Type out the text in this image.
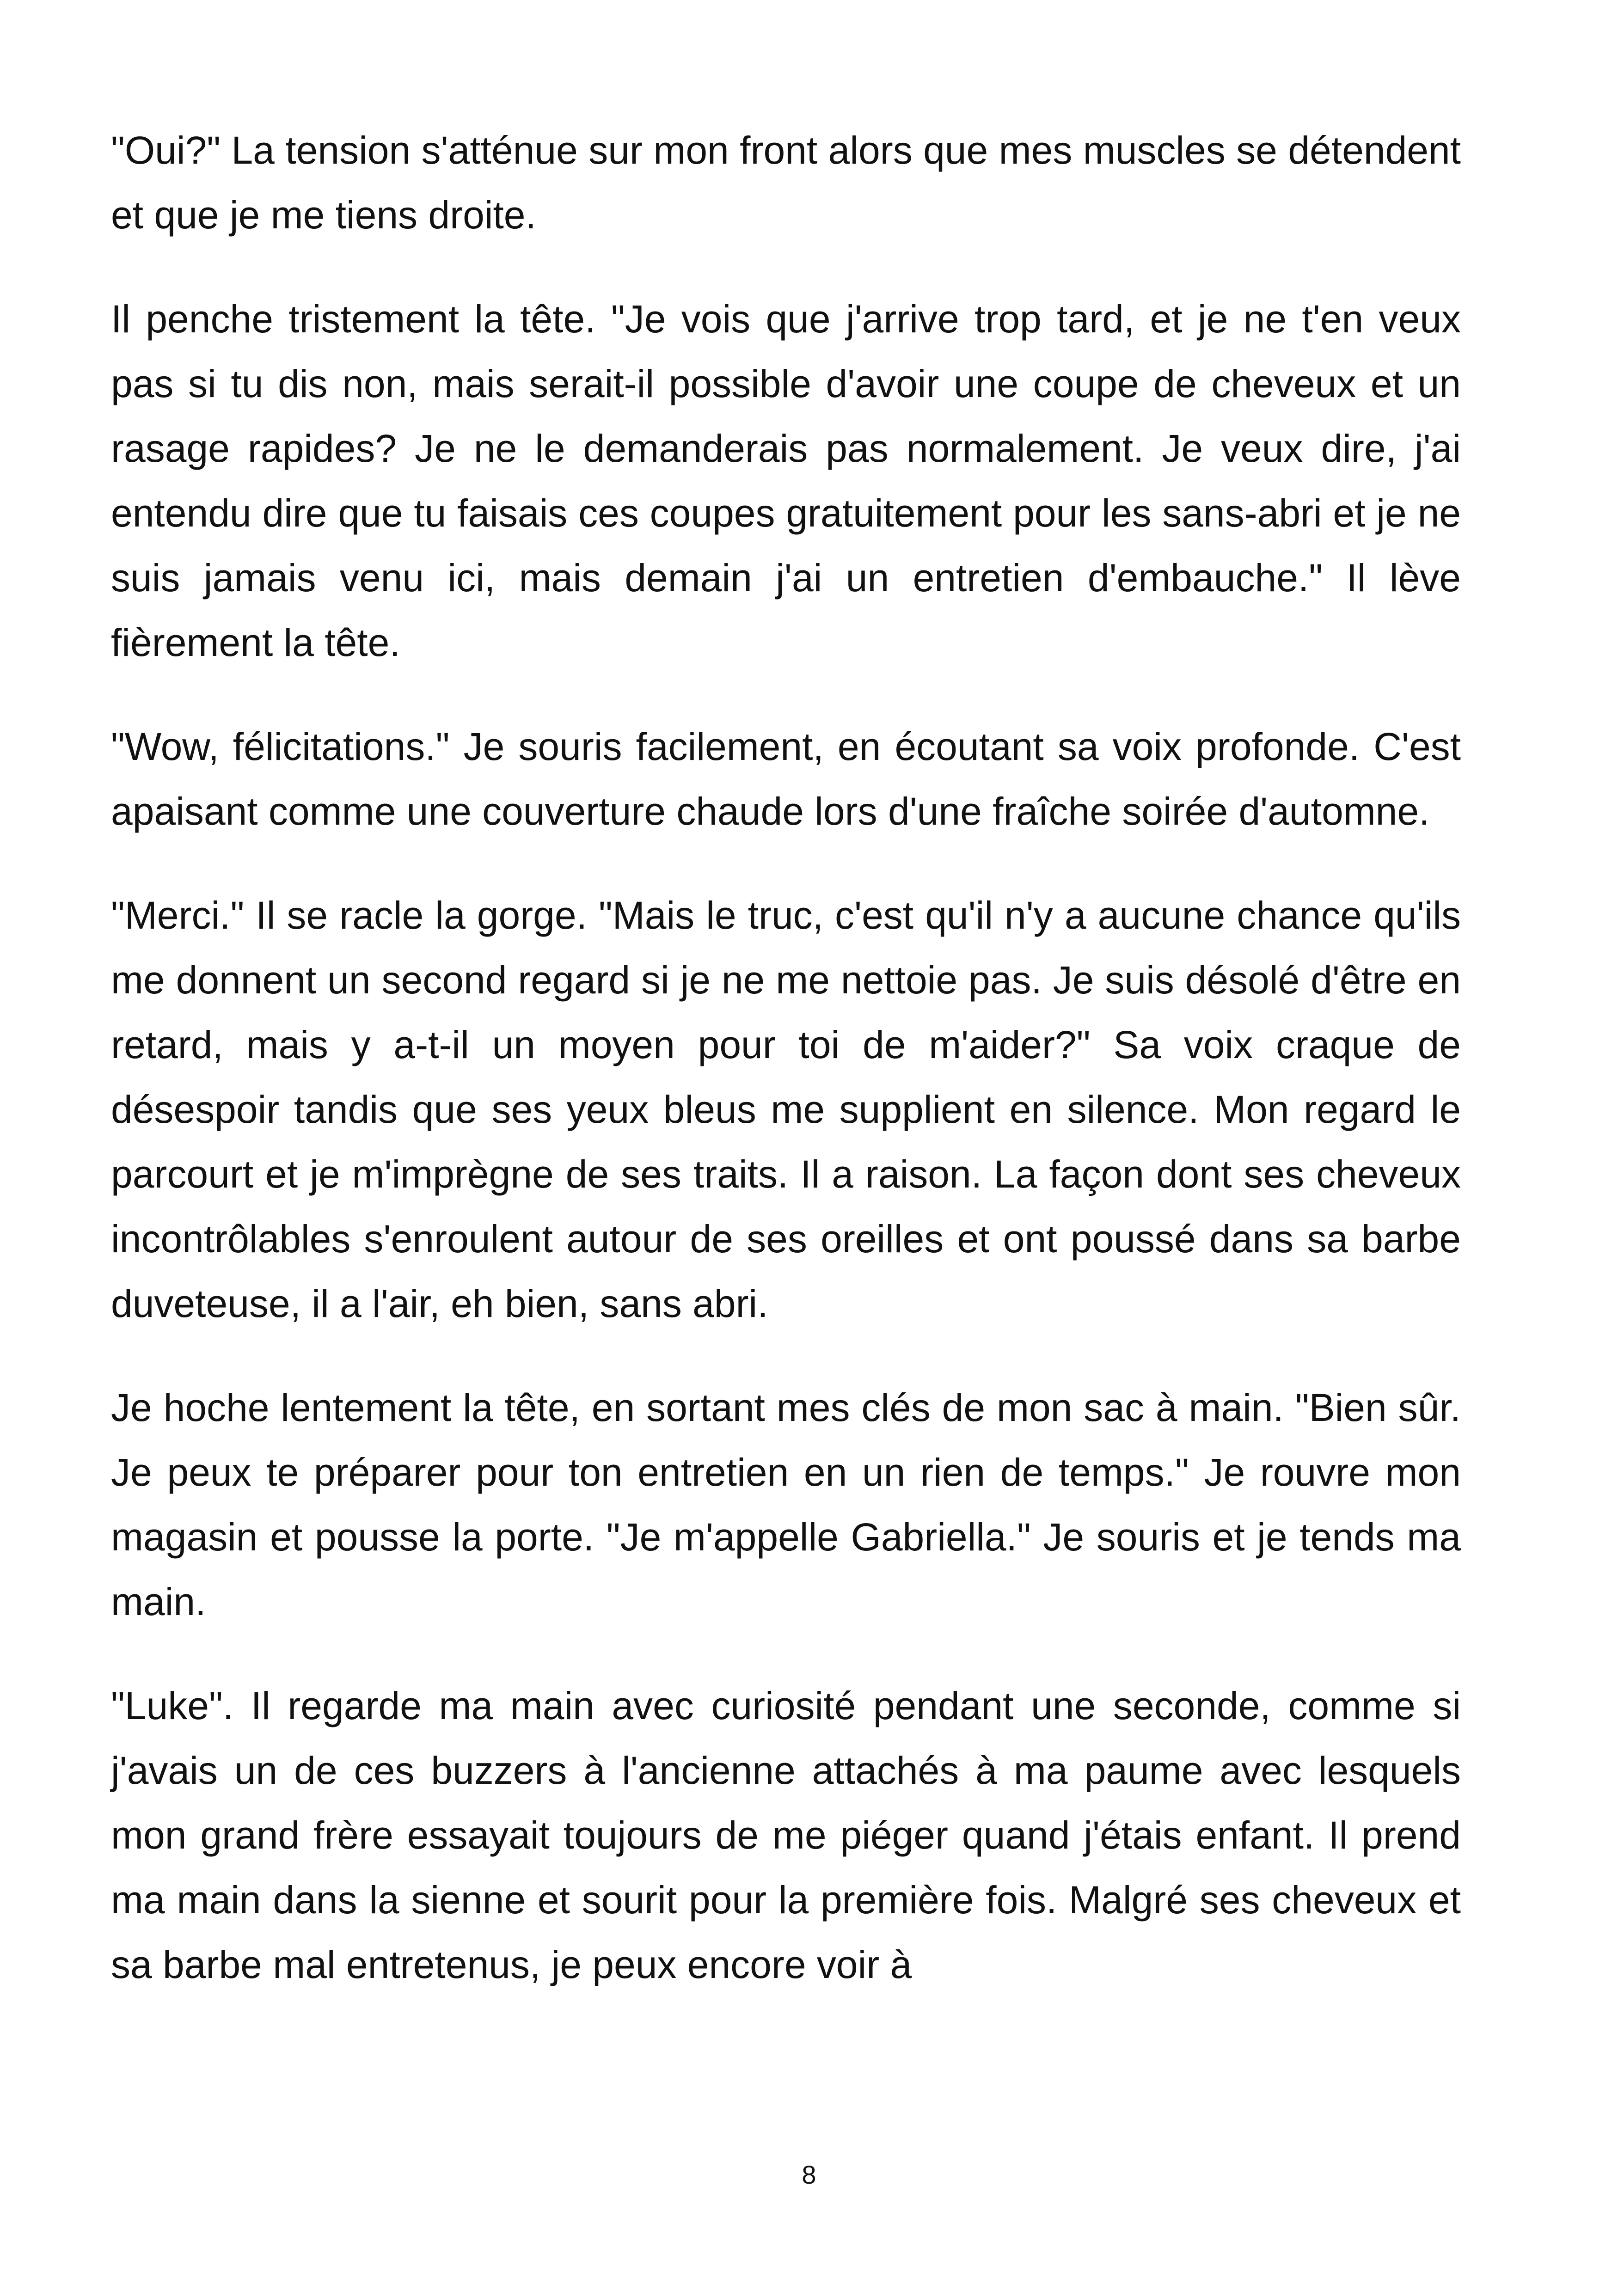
"Oui?" La tension s'atténue sur mon front alors que mes muscles se détendent et que je me tiens droite.

Il penche tristement la tête. "Je vois que j'arrive trop tard, et je ne t'en veux pas si tu dis non, mais serait-il possible d'avoir une coupe de cheveux et un rasage rapides? Je ne le demanderais pas normalement. Je veux dire, j'ai entendu dire que tu faisais ces coupes gratuitement pour les sans-abri et je ne suis jamais venu ici, mais demain j'ai un entretien d'embauche." Il lève fièrement la tête.

"Wow, félicitations." Je souris facilement, en écoutant sa voix profonde. C'est apaisant comme une couverture chaude lors d'une fraîche soirée d'automne.

"Merci." Il se racle la gorge. "Mais le truc, c'est qu'il n'y a aucune chance qu'ils me donnent un second regard si je ne me nettoie pas. Je suis désolé d'être en retard, mais y a-t-il un moyen pour toi de m'aider?" Sa voix craque de désespoir tandis que ses yeux bleus me supplient en silence. Mon regard le parcourt et je m'imprègne de ses traits. Il a raison. La façon dont ses cheveux incontrôlables s'enroulent autour de ses oreilles et ont poussé dans sa barbe duveteuse, il a l'air, eh bien, sans abri.

Je hoche lentement la tête, en sortant mes clés de mon sac à main. "Bien sûr. Je peux te préparer pour ton entretien en un rien de temps." Je rouvre mon magasin et pousse la porte. "Je m'appelle Gabriella." Je souris et je tends ma main.

"Luke". Il regarde ma main avec curiosité pendant une seconde, comme si j'avais un de ces buzzers à l'ancienne attachés à ma paume avec lesquels mon grand frère essayait toujours de me piéger quand j'étais enfant. Il prend ma main dans la sienne et sourit pour la première fois. Malgré ses cheveux et sa barbe mal entretenus, je peux encore voir à

8
